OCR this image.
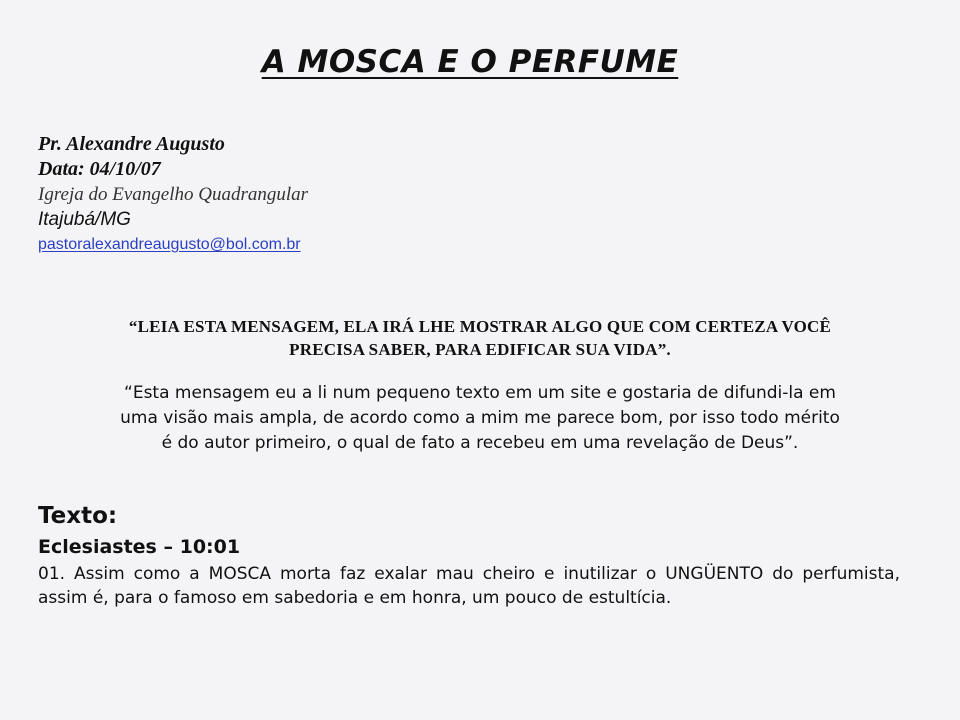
A MOSCA E O PERFUME
Pr. Alexandre Augusto
Data: 04/10/07
Igreja do Evangelho Quadrangular
Itajubá/MG
pastoralexandreaugusto@bol.com.br
“LEIA ESTA MENSAGEM, ELA IRÁ LHE MOSTRAR ALGO QUE COM CERTEZA VOCÊ
PRECISA SABER, PARA EDIFICAR SUA VIDA”.
“Esta mensagem eu a li num pequeno texto em um site e gostaria de difundi-la em
uma visão mais ampla, de acordo como a mim me parece bom, por isso todo mérito
é do autor primeiro, o qual de fato a recebeu em uma revelação de Deus”.
Texto:
Eclesiastes – 10:01
01. Assim como a MOSCA morta faz exalar mau cheiro e inutilizar o UNGÜENTO do perfumista, assim é, para o famoso em sabedoria e em honra, um pouco de estultícia.
